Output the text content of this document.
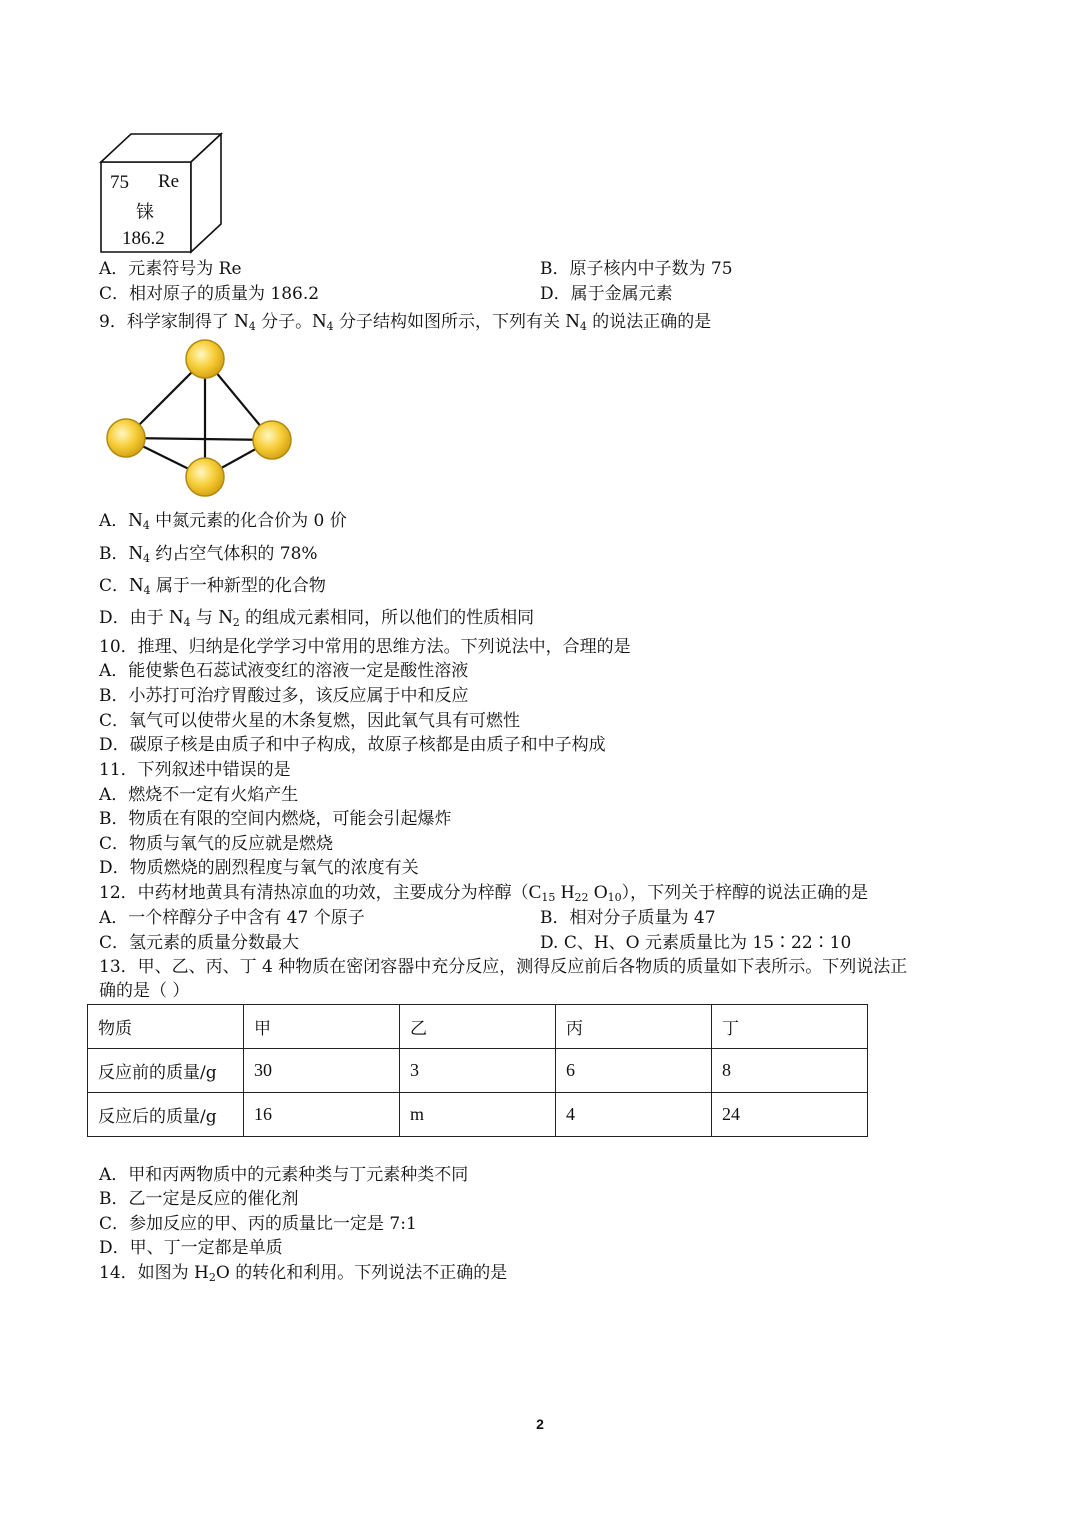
75 Re
铼
186.2
A．元素符号为 Re	B．原子核内中子数为 75
C．相对原子的质量为 186.2	D．属于金属元素
9．科学家制得了 $N_4$ 分子。$N_4$ 分子结构如图所示，下列有关 $N_4$ 的说法正确的是
A．$N_4$ 中氮元素的化合价为 0 价
B．$N_4$ 约占空气体积的 78%
C．$N_4$ 属于一种新型的化合物
D．由于 $N_4$ 与 $N_2$ 的组成元素相同，所以他们的性质相同
10．推理、归纳是化学学习中常用的思维方法。下列说法中，合理的是
A．能使紫色石蕊试液变红的溶液一定是酸性溶液
B．小苏打可治疗胃酸过多，该反应属于中和反应
C．氧气可以使带火星的木条复燃，因此氧气具有可燃性
D．碳原子核是由质子和中子构成，故原子核都是由质子和中子构成
11．下列叙述中错误的是
A．燃烧不一定有火焰产生
B．物质在有限的空间内燃烧，可能会引起爆炸
C．物质与氧气的反应就是燃烧
D．物质燃烧的剧烈程度与氧气的浓度有关
12．中药材地黄具有清热凉血的功效，主要成分为梓醇（$C_{15}$ $H_{22}$ $O_{10}$），下列关于梓醇的说法正确的是
A．一个梓醇分子中含有 47 个原子	B．相对分子质量为 47
C．氢元素的质量分数最大	D. C、H、O 元素质量比为 15∶22∶10
13．甲、乙、丙、丁 4 种物质在密闭容器中充分反应，测得反应前后各物质的质量如下表所示。下列说法正
确的是（ ）
物质	甲	乙	丙	丁
反应前的质量/g	30	3	6	8
反应后的质量/g	16	m	4	24
A．甲和丙两物质中的元素种类与丁元素种类不同
B．乙一定是反应的催化剂
C．参加反应的甲、丙的质量比一定是 7:1
D．甲、丁一定都是单质
14．如图为 $H_2O$ 的转化和利用。下列说法不正确的是
2
